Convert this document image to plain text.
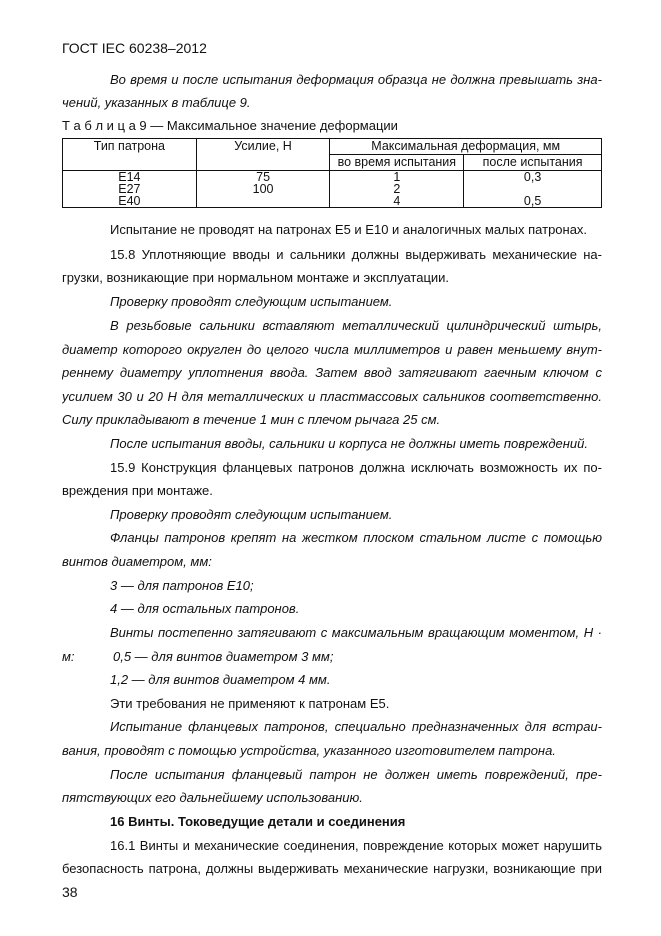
ГОСТ IEC 60238–2012
Во время и после испытания деформация образца не должна превышать зна-
чений, указанных в таблице 9.
Т а б л и ц а 9 — Максимальное значение деформации
Тип патрона	Усилие, Н	Максимальная деформация, мм	
		во время испытания	после испытания
E14	75	1	0,3
E27	100	2	
E40		4	0,5
Испытание не проводят на патронах E5 и E10 и аналогичных малых патронах.
15.8 Уплотняющие вводы и сальники должны выдерживать механические на-
грузки, возникающие при нормальном монтаже и эксплуатации.
Проверку проводят следующим испытанием.
В резьбовые сальники вставляют металлический цилиндрический штырь,
диаметр которого округлен до целого числа миллиметров и равен меньшему внут-
реннему диаметру уплотнения ввода. Затем ввод затягивают гаечным ключом с
усилием 30 и 20 Н для металлических и пластмассовых сальников соответственно.
Силу прикладывают в течение 1 мин с плечом рычага 25 см.
После испытания вводы, сальники и корпуса не должны иметь повреждений.
15.9 Конструкция фланцевых патронов должна исключать возможность их по-
вреждения при монтаже.
Проверку проводят следующим испытанием.
Фланцы патронов крепят на жестком плоском стальном листе с помощью
винтов диаметром, мм:
3 — для патронов E10;
4 — для остальных патронов.
Винты постепенно затягивают с максимальным вращающим моментом, Н ·
м:	0,5 — для винтов диаметром 3 мм;
1,2 — для винтов диаметром 4 мм.
Эти требования не применяют к патронам E5.
Испытание фланцевых патронов, специально предназначенных для встраи-
вания, проводят с помощью устройства, указанного изготовителем патрона.
После испытания фланцевый патрон не должен иметь повреждений, пре-
пятствующих его дальнейшему использованию.
16 Винты. Токоведущие детали и соединения
16.1 Винты и механические соединения, повреждение которых может нарушить
безопасность патрона, должны выдерживать механические нагрузки, возникающие при
38
